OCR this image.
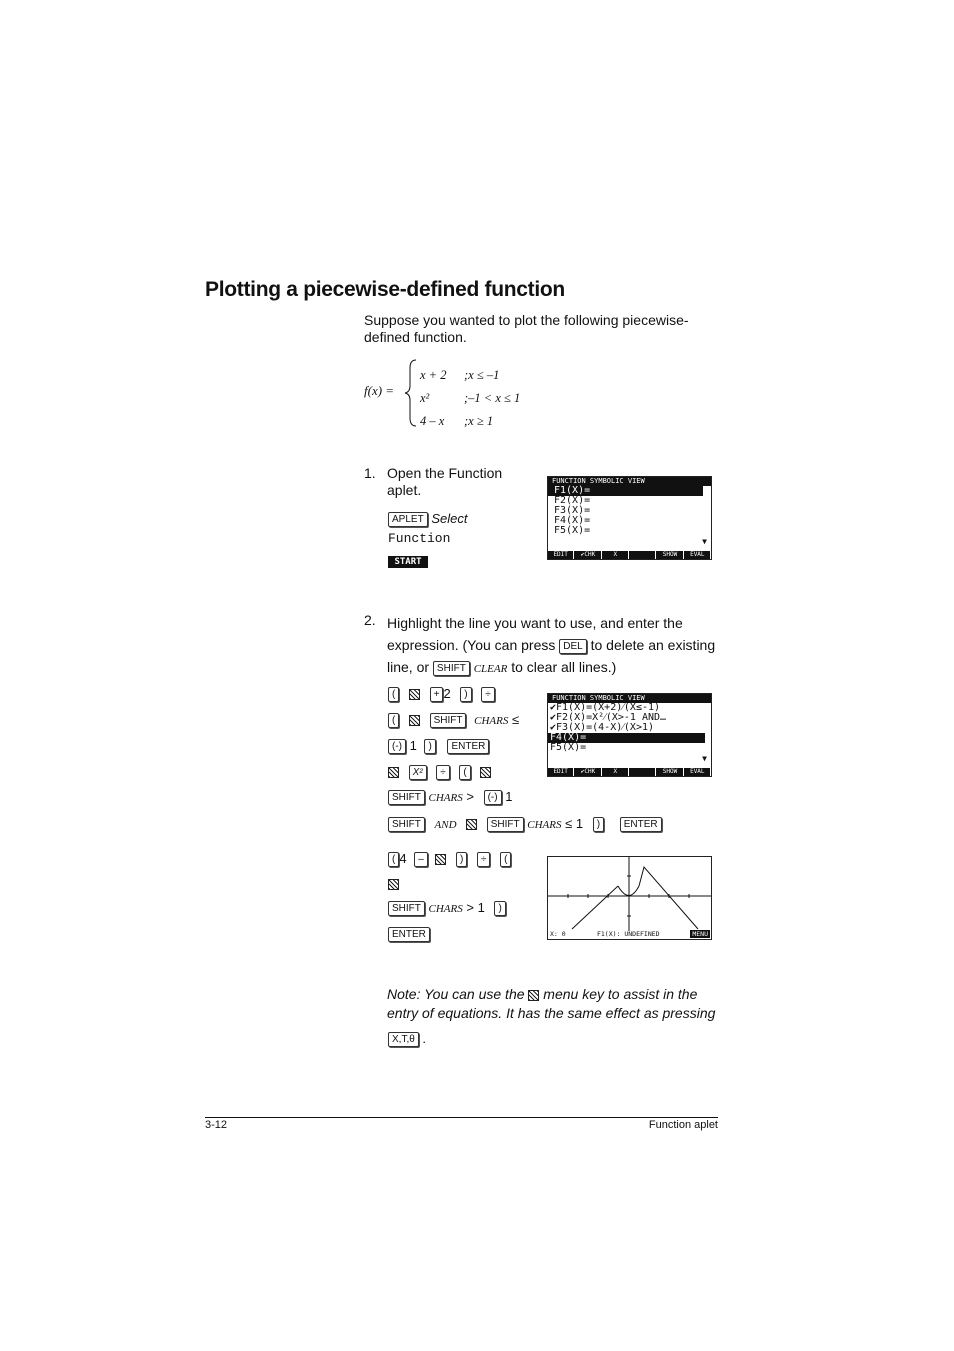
Plotting a piecewise-defined function
Suppose you wanted to plot the following piecewise-defined function.
f(x) =
x + 2	;x ≤ –1
x²	;–1 < x ≤ 1
4 – x	;x ≥ 1
1. Open the Function aplet.
APLET Select
Function
START
FUNCTION SYMBOLIC VIEW
F1(X)=
F2(X)=
F3(X)=
F4(X)=
F5(X)=
▼
EDIT	✔CHK	X	SHOW	EVAL
2. Highlight the line you want to use, and enter the expression. (You can press DEL to delete an existing line, or SHIFT CLEAR to clear all lines.)
(	+ 2 ) ÷
(	SHIFT CHARS ≤
(-) 1 ) ENTER
X² ÷ (
SHIFT CHARS > (-) 1
SHIFT AND	SHIFT CHARS ≤ 1 ) ENTER
( 4 –	) ÷ (
SHIFT CHARS > 1 )
ENTER
FUNCTION SYMBOLIC VIEW
✔F1(X)=(X+2)⁄(X≤-1)
✔F2(X)=X²⁄(X>-1 AND…
✔F3(X)=(4-X)⁄(X>1)
F4(X)=
F5(X)=
▼
EDIT	✔CHK	X	SHOW	EVAL
X: 0        F1(X): UNDEFINED	MENU
Note: You can use the menu key to assist in the entry of equations. It has the same effect as pressing
X,T,θ .
3-12	Function aplet
